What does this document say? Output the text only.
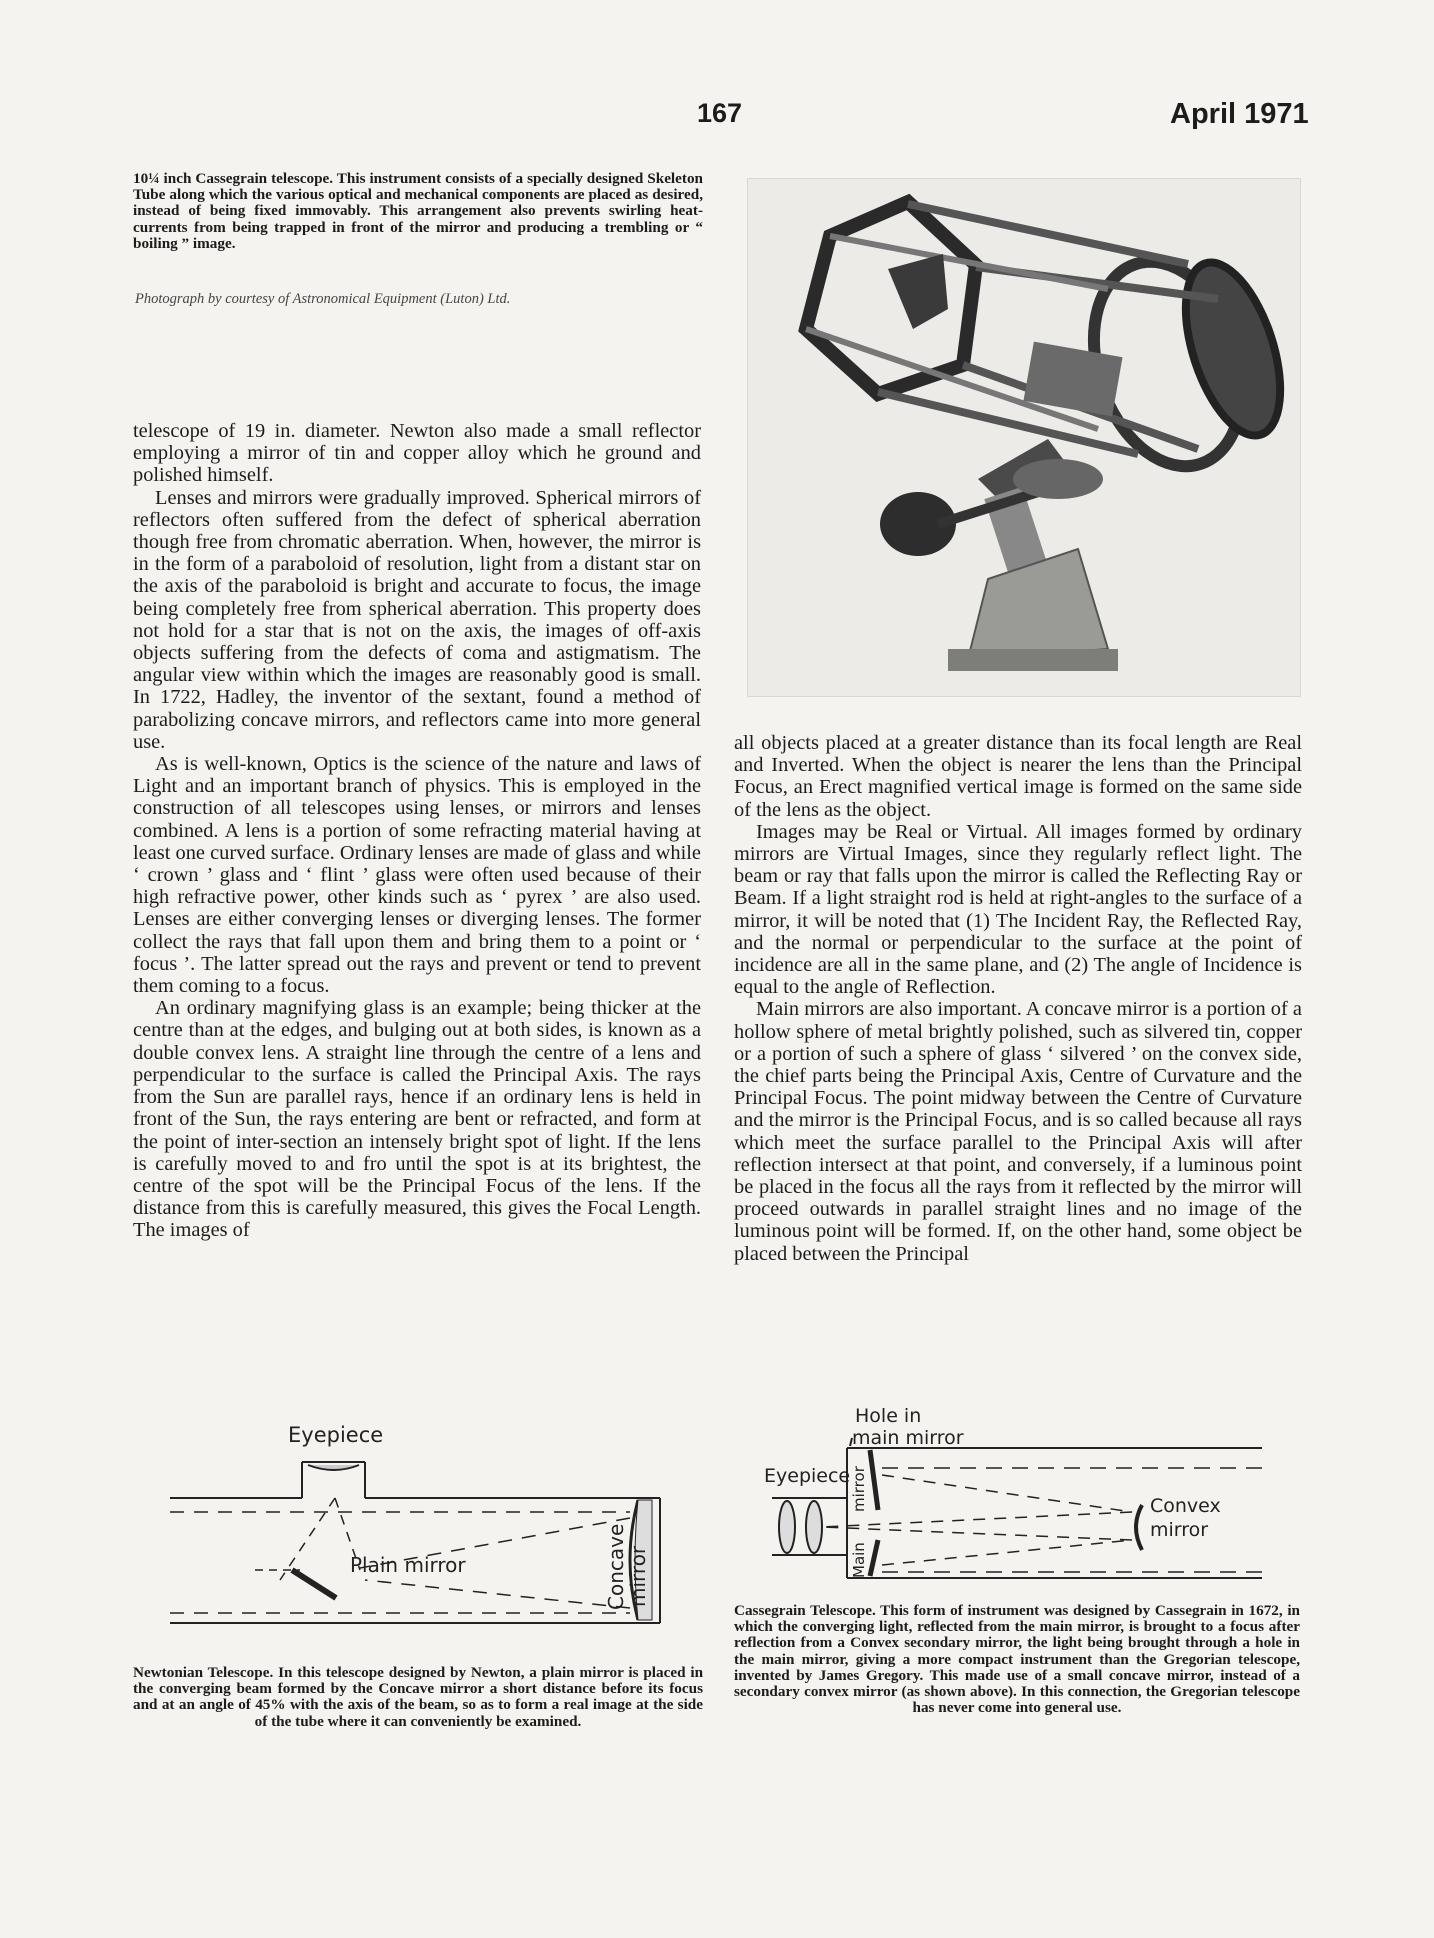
167	April 1971
10¼ inch Cassegrain telescope. This instrument consists of a specially designed Skeleton Tube along which the various optical and mechanical components are placed as desired, instead of being fixed immovably. This arrangement also prevents swirling heat-currents from being trapped in front of the mirror and producing a trembling or “ boiling ” image.
Photograph by courtesy of Astronomical Equipment (Luton) Ltd.

telescope of 19 in. diameter. Newton also made a small reflector employing a mirror of tin and copper alloy which he ground and polished himself.

Lenses and mirrors were gradually improved. Spherical mirrors of reflectors often suffered from the defect of spherical aberration though free from chromatic aberration. When, however, the mirror is in the form of a paraboloid of resolution, light from a distant star on the axis of the paraboloid is bright and accurate to focus, the image being completely free from spherical aberration. This property does not hold for a star that is not on the axis, the images of off-axis objects suffering from the defects of coma and astigmatism. The angular view within which the images are reasonably good is small. In 1722, Hadley, the inventor of the sextant, found a method of parabolizing concave mirrors, and reflectors came into more general use.

As is well-known, Optics is the science of the nature and laws of Light and an important branch of physics. This is employed in the construction of all telescopes using lenses, or mirrors and lenses combined. A lens is a portion of some refracting material having at least one curved surface. Ordinary lenses are made of glass and while ‘ crown ’ glass and ‘ flint ’ glass were often used because of their high refractive power, other kinds such as ‘ pyrex ’ are also used. Lenses are either converging lenses or diverging lenses. The former collect the rays that fall upon them and bring them to a point or ‘ focus ’. The latter spread out the rays and prevent or tend to prevent them coming to a focus.

An ordinary magnifying glass is an example; being thicker at the centre than at the edges, and bulging out at both sides, is known as a double convex lens. A straight line through the centre of a lens and perpendicular to the surface is called the Principal Axis. The rays from the Sun are parallel rays, hence if an ordinary lens is held in front of the Sun, the rays entering are bent or refracted, and form at the point of inter-section an intensely bright spot of light. If the lens is carefully moved to and fro until the spot is at its brightest, the centre of the spot will be the Principal Focus of the lens. If the distance from this is carefully measured, this gives the Focal Length. The images of

all objects placed at a greater distance than its focal length are Real and Inverted. When the object is nearer the lens than the Principal Focus, an Erect magnified vertical image is formed on the same side of the lens as the object.

Images may be Real or Virtual. All images formed by ordinary mirrors are Virtual Images, since they regularly reflect light. The beam or ray that falls upon the mirror is called the Reflecting Ray or Beam. If a light straight rod is held at right-angles to the surface of a mirror, it will be noted that (1) The Incident Ray, the Reflected Ray, and the normal or perpendicular to the surface at the point of incidence are all in the same plane, and (2) The angle of Incidence is equal to the angle of Reflection.

Main mirrors are also important. A concave mirror is a portion of a hollow sphere of metal brightly polished, such as silvered tin, copper or a portion of such a sphere of glass ‘ silvered ’ on the convex side, the chief parts being the Principal Axis, Centre of Curvature and the Principal Focus. The point midway between the Centre of Curvature and the mirror is the Principal Focus, and is so called because all rays which meet the surface parallel to the Principal Axis will after reflection intersect at that point, and conversely, if a luminous point be placed in the focus all the rays from it reflected by the mirror will proceed outwards in parallel straight lines and no image of the luminous point will be formed. If, on the other hand, some object be placed between the Principal

Eyepiece
Plain mirror	Concave mirror
Newtonian Telescope. In this telescope designed by Newton, a plain mirror is placed in the converging beam formed by the Concave mirror a short distance before its focus and at an angle of 45% with the axis of the beam, so as to form a real image at the side of the tube where it can conveniently be examined.
Hole in main mirror
Eyepiece mirror
Main
Convex mirror
Cassegrain Telescope. This form of instrument was designed by Cassegrain in 1672, in which the converging light, reflected from the main mirror, is brought to a focus after reflection from a Convex secondary mirror, the light being brought through a hole in the main mirror, giving a more compact instrument than the Gregorian telescope, invented by James Gregory. This made use of a small concave mirror, instead of a secondary convex mirror (as shown above). In this connection, the Gregorian telescope has never come into general use.
